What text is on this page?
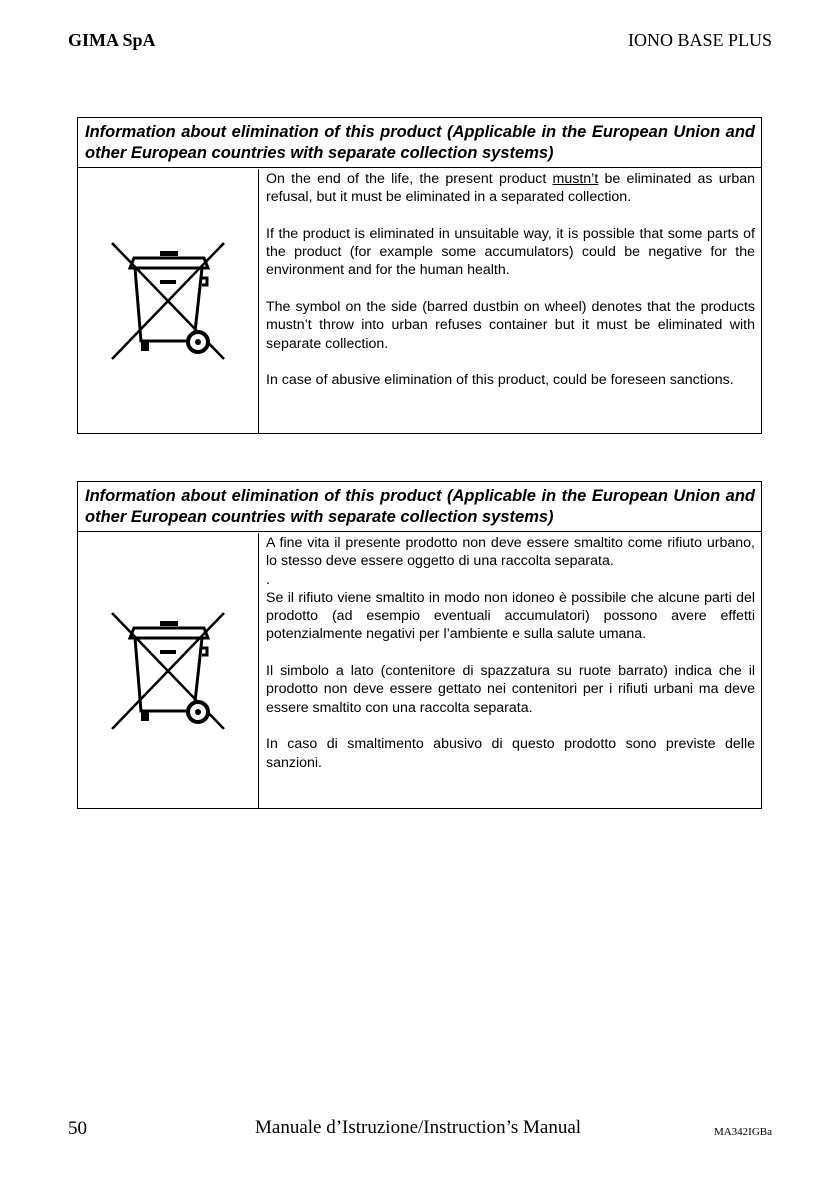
GIMA SpA	IONO BASE PLUS
Information about elimination of this product (Applicable in the European Union and other European countries with separate collection systems)

On the end of the life, the present product mustn’t be eliminated as urban refusal, but it must be eliminated in a separated collection.

If the product is eliminated in unsuitable way, it is possible that some parts of the product (for example some accumulators) could be negative for the environment and for the human health.

The symbol on the side (barred dustbin on wheel) denotes that the products mustn’t throw into urban refuses container but it must be eliminated with separate collection.

In case of abusive elimination of this product, could be foreseen sanctions.

Information about elimination of this product (Applicable in the European Union and other European countries with separate collection systems)

A fine vita il presente prodotto non deve essere smaltito come rifiuto urbano, lo stesso deve essere oggetto di una raccolta separata.

.

Se il rifiuto viene smaltito in modo non idoneo è possibile che alcune parti del prodotto (ad esempio eventuali accumulatori) possono avere effetti potenzialmente negativi per l’ambiente e sulla salute umana.

Il simbolo a lato (contenitore di spazzatura su ruote barrato) indica che il prodotto non deve essere gettato nei contenitori per i rifiuti urbani ma deve essere smaltito con una raccolta separata.

In caso di smaltimento abusivo di questo prodotto sono previste delle sanzioni.

50	Manuale d’Istruzione/Instruction’s Manual	MA342IGBa
